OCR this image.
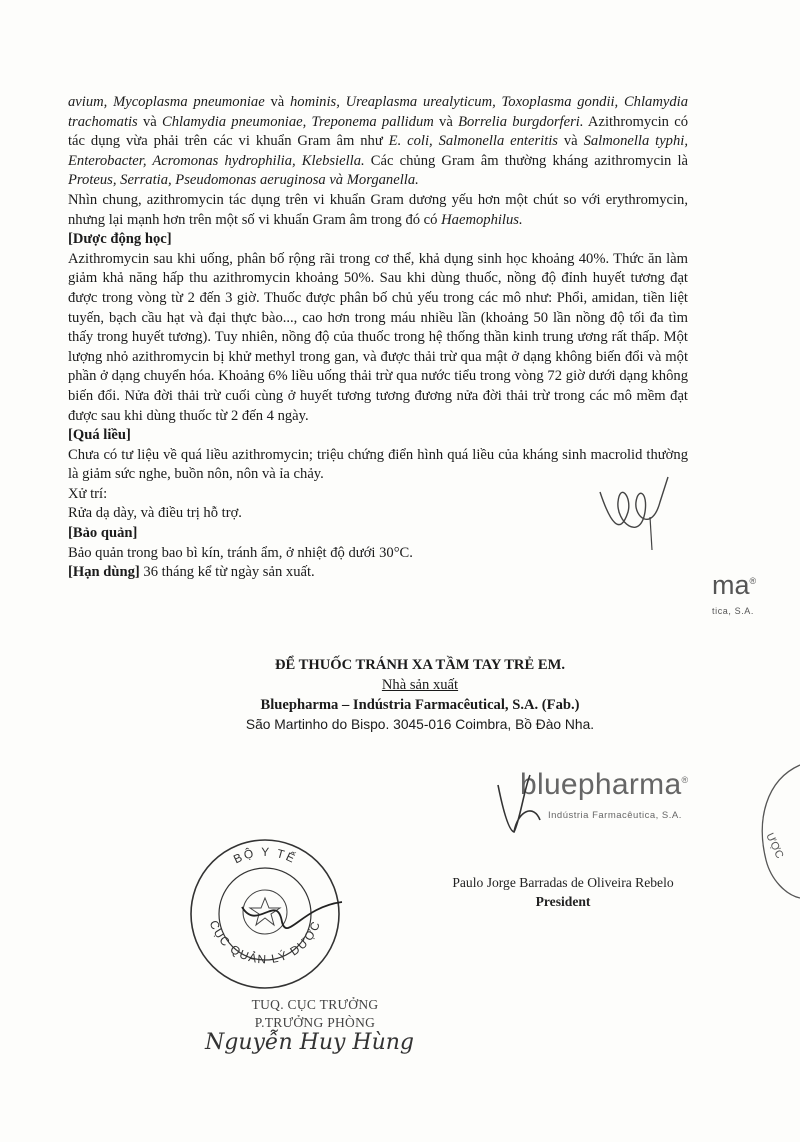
avium, Mycoplasma pneumoniae và hominis, Ureaplasma urealyticum, Toxoplasma gondii, Chlamydia trachomatis và Chlamydia pneumoniae, Treponema pallidum và Borrelia burgdorferi. Azithromycin có tác dụng vừa phải trên các vi khuẩn Gram âm như E. coli, Salmonella enteritis và Salmonella typhi, Enterobacter, Acromonas hydrophilia, Klebsiella. Các chủng Gram âm thường kháng azithromycin là Proteus, Serratia, Pseudomonas aeruginosa và Morganella.

Nhìn chung, azithromycin tác dụng trên vi khuẩn Gram dương yếu hơn một chút so với erythromycin, nhưng lại mạnh hơn trên một số vi khuẩn Gram âm trong đó có Haemophilus.

[Dược động học]

Azithromycin sau khi uống, phân bố rộng rãi trong cơ thể, khả dụng sinh học khoảng 40%. Thức ăn làm giảm khả năng hấp thu azithromycin khoảng 50%. Sau khi dùng thuốc, nồng độ đỉnh huyết tương đạt được trong vòng từ 2 đến 3 giờ. Thuốc được phân bố chủ yếu trong các mô như: Phổi, amidan, tiền liệt tuyến, bạch cầu hạt và đại thực bào..., cao hơn trong máu nhiều lần (khoảng 50 lần nồng độ tối đa tìm thấy trong huyết tương). Tuy nhiên, nồng độ của thuốc trong hệ thống thần kinh trung ương rất thấp. Một lượng nhỏ azithromycin bị khử methyl trong gan, và được thải trừ qua mật ở dạng không biến đổi và một phần ở dạng chuyển hóa. Khoảng 6% liều uống thải trừ qua nước tiểu trong vòng 72 giờ dưới dạng không biến đổi. Nửa đời thải trừ cuối cùng ở huyết tương tương đương nửa đời thải trừ trong các mô mềm đạt được sau khi dùng thuốc từ 2 đến 4 ngày.

[Quá liều]

Chưa có tư liệu về quá liều azithromycin; triệu chứng điển hình quá liều của kháng sinh macrolid thường là giảm sức nghe, buồn nôn, nôn và ỉa chảy.

Xử trí:

Rửa dạ dày, và điều trị hỗ trợ.

[Bảo quản]

Bảo quản trong bao bì kín, tránh ẩm, ở nhiệt độ dưới 30°C.

[Hạn dùng] 36 tháng kể từ ngày sản xuất.

ĐỂ THUỐC TRÁNH XA TẦM TAY TRẺ EM.
Nhà sản xuất
Bluepharma – Indústria Farmacêutical, S.A. (Fab.)
São Martinho do Bispo. 3045-016 Coimbra, Bồ Đào Nha.
ma®
tica, S.A.
bluepharma®
Indústria Farmacêutica, S.A.
Paulo Jorge Barradas de Oliveira Rebelo
President
ƯỢC
BỘ Y TẾ
CỤC QUẢN LÝ DƯỢC
TUQ. CỤC TRƯỞNG
P.TRƯỞNG PHÒNG
Nguyễn Huy Hùng
